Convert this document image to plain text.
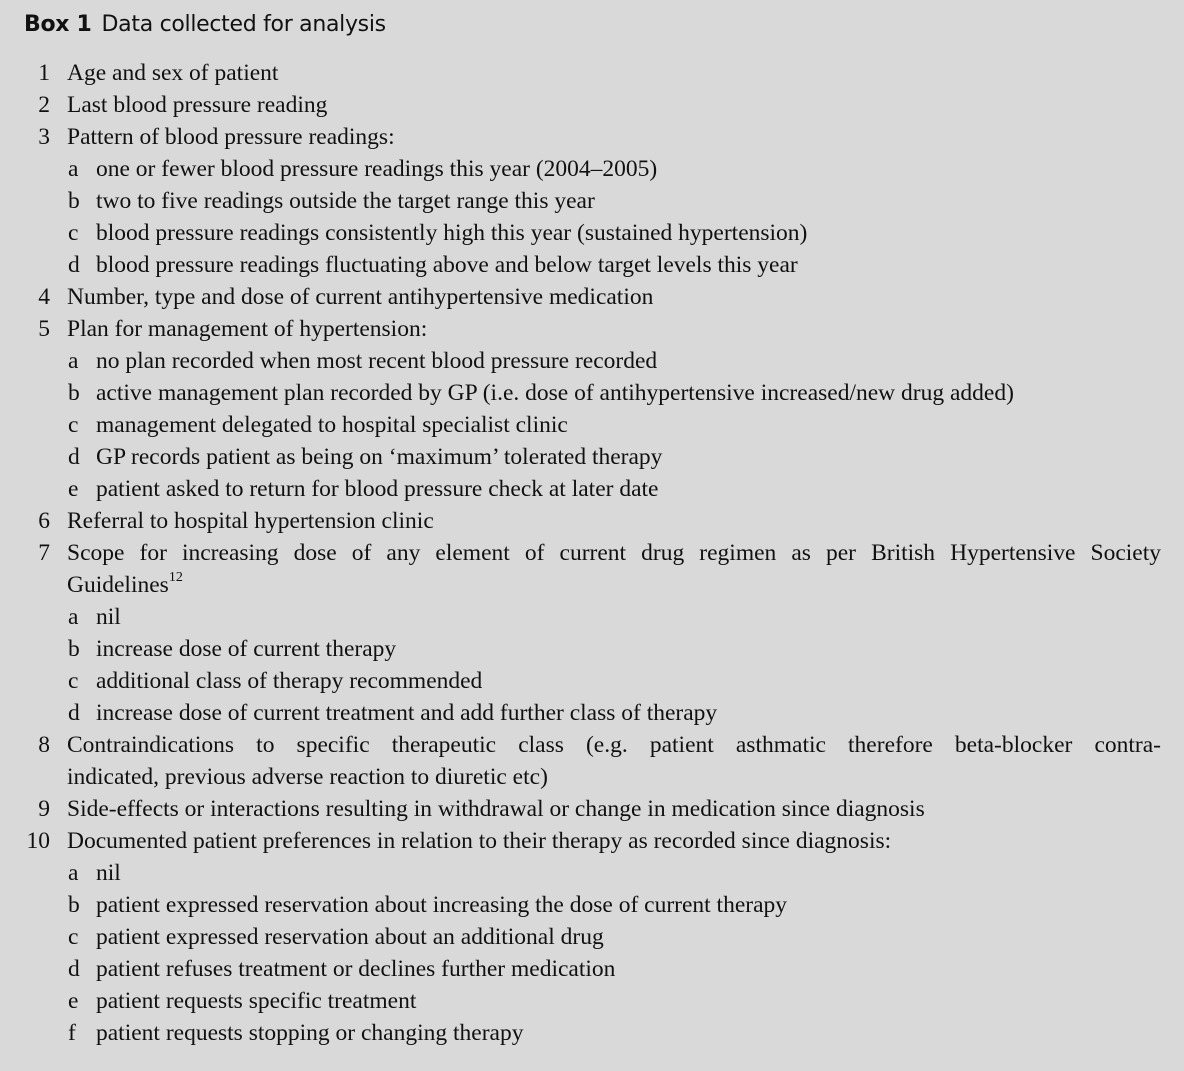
Box 1 Data collected for analysis
1 Age and sex of patient
2 Last blood pressure reading
3 Pattern of blood pressure readings:
a one or fewer blood pressure readings this year (2004–2005)
b two to five readings outside the target range this year
c blood pressure readings consistently high this year (sustained hypertension)
d blood pressure readings fluctuating above and below target levels this year
4 Number, type and dose of current antihypertensive medication
5 Plan for management of hypertension:
a no plan recorded when most recent blood pressure recorded
b active management plan recorded by GP (i.e. dose of antihypertensive increased/new drug added)
c management delegated to hospital specialist clinic
d GP records patient as being on ‘maximum’ tolerated therapy
e patient asked to return for blood pressure check at later date
6 Referral to hospital hypertension clinic
7 Scope for increasing dose of any element of current drug regimen as per British Hypertensive Society
Guidelines$^{12}$
a nil
b increase dose of current therapy
c additional class of therapy recommended
d increase dose of current treatment and add further class of therapy
8 Contraindications to specific therapeutic class (e.g. patient asthmatic therefore beta-blocker contra-
indicated, previous adverse reaction to diuretic etc)
9 Side-effects or interactions resulting in withdrawal or change in medication since diagnosis
10 Documented patient preferences in relation to their therapy as recorded since diagnosis:
a nil
b patient expressed reservation about increasing the dose of current therapy
c patient expressed reservation about an additional drug
d patient refuses treatment or declines further medication
e patient requests specific treatment
f patient requests stopping or changing therapy
